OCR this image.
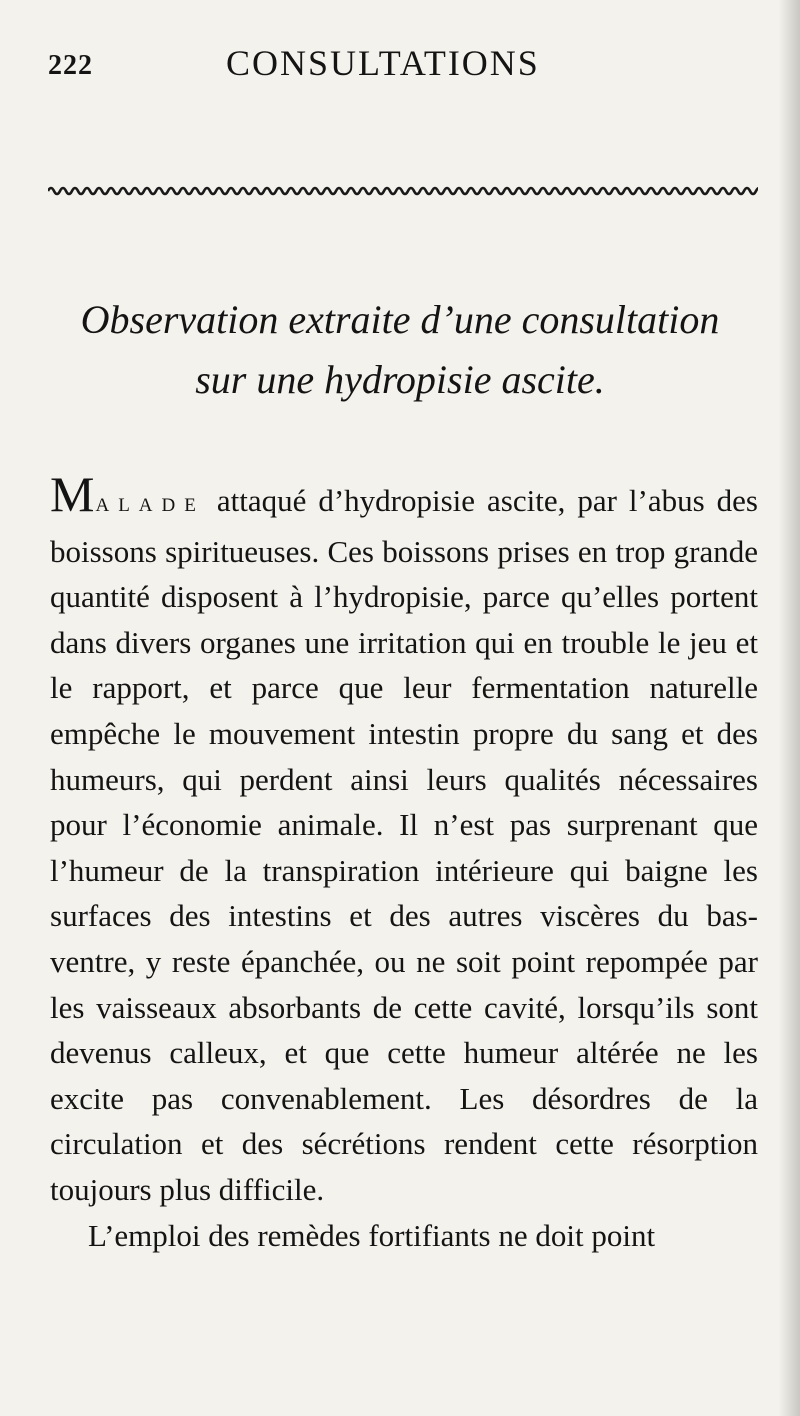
222	CONSULTATIONS
Observation extraite d’une consultation
sur une hydropisie ascite.

MALADE attaqué d’hydropisie ascite, par l’abus des boissons spiritueuses. Ces boissons prises en trop grande quantité disposent à l’hydropisie, parce qu’elles portent dans divers organes une irritation qui en trouble le jeu et le rapport, et parce que leur fermentation naturelle empêche le mouvement intestin propre du sang et des humeurs, qui perdent ainsi leurs qualités nécessaires pour l’économie animale. Il n’est pas surprenant que l’humeur de la transpiration intérieure qui baigne les surfaces des intestins et des autres viscères du bas-ventre, y reste épanchée, ou ne soit point repompée par les vaisseaux absorbants de cette cavité, lorsqu’ils sont devenus calleux, et que cette humeur altérée ne les excite pas convenablement. Les désordres de la circulation et des sécrétions rendent cette résorption toujours plus difficile.

L’emploi des remèdes fortifiants ne doit point
